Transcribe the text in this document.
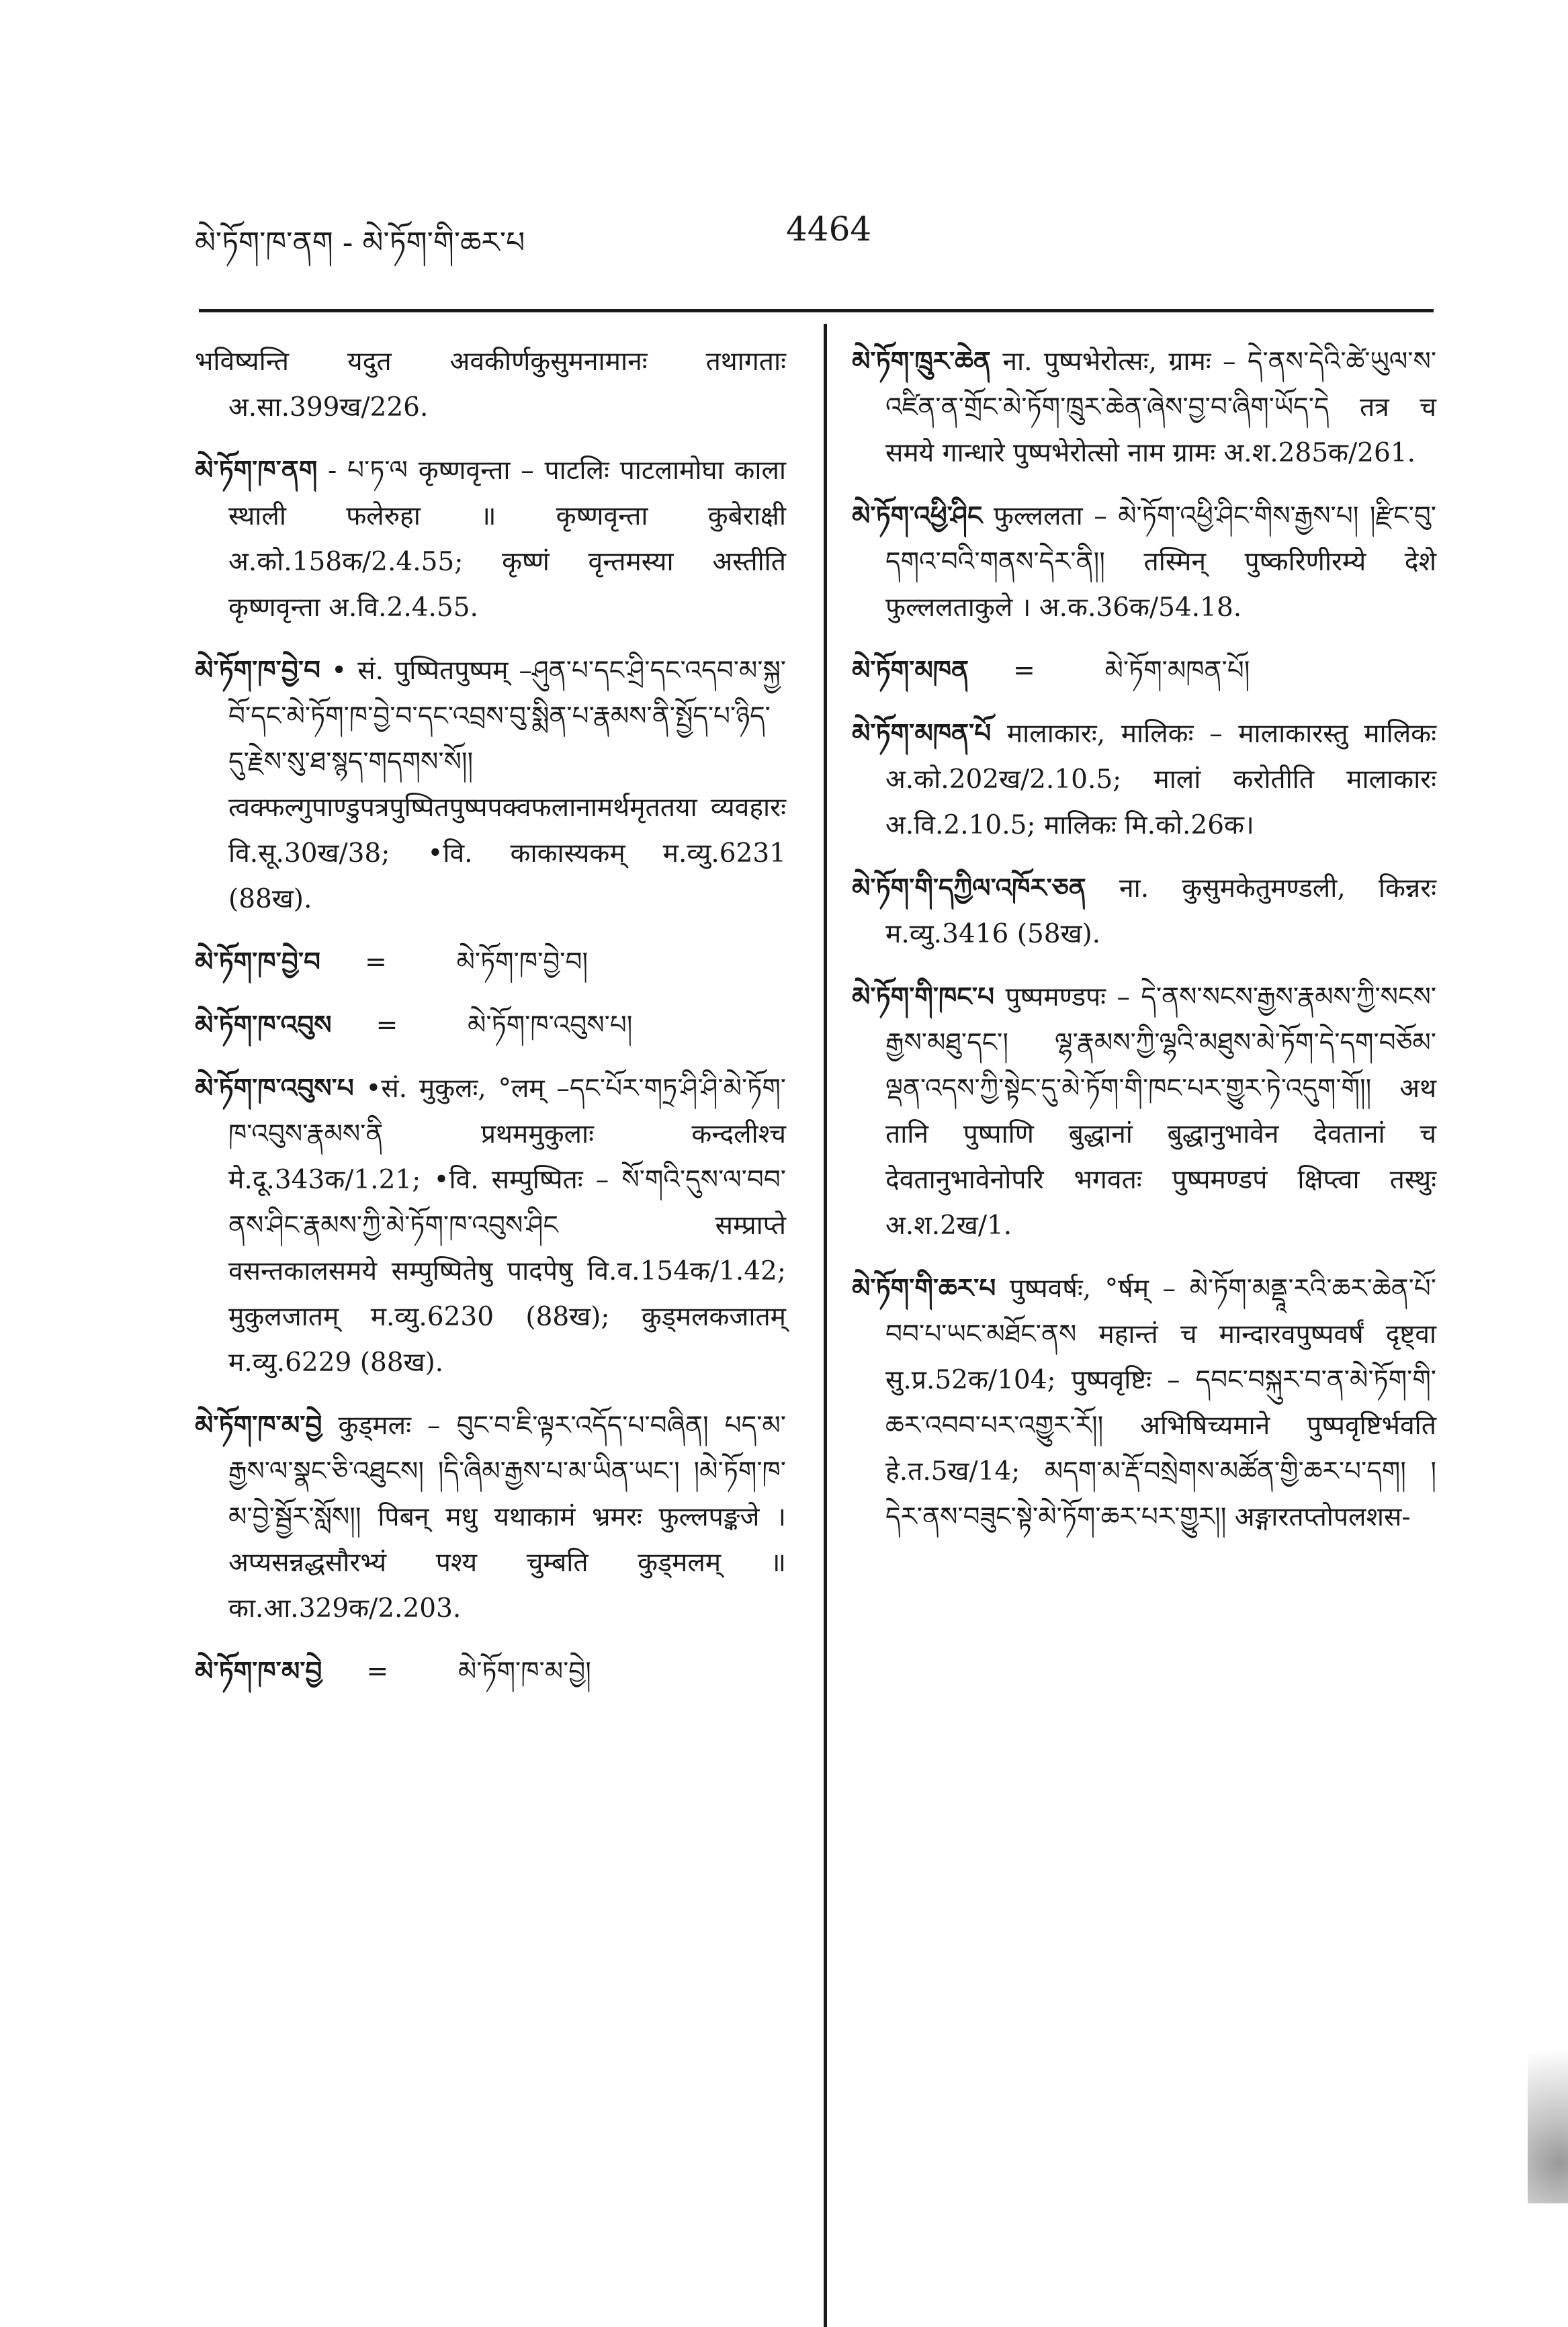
མེ་ཏོག་ཁ་ནག - མེ་ཏོག་གི་ཆར་པ	4464
भविष्यन्ति यदुत अवकीर्णकुसुमनामानः तथागताः अ.सा.399ख/226.
མེ་ཏོག་ཁ་ནག - པ་ཏ་ལ कृष्णवृन्ता – पाटलिः पाटलामोघा काला स्थाली फलेरुहा ॥ कृष्णवृन्ता कुबेराक्षी अ.को.158क/2.4.55; कृष्णं वृन्तमस्या अस्तीति कृष्णवृन्ता अ.वि.2.4.55.
མེ་ཏོག་ཁ་བྱེ་བ • सं. पुष्पितपुष्पम् –ཤུན་པ་དང་ཤྲི་དང་འདབ་མ་སྐྱ་བོ་དང་མེ་ཏོག་ཁ་བྱེ་བ་དང་འབྲས་བུ་སྨིན་པ་རྣམས་ནི་སྤྱོད་པ་ཉིད་དུ་རྗེས་སུ་ཐ་སྙད་གདགས་སོ།། त्वक्फल्गुपाण्डुपत्रपुष्पितपुष्पपक्वफलानामर्थमृततया व्यवहारः वि.सू.30ख/38; •वि. काकास्यकम् म.व्यु.6231 (88ख).
མེ་ཏོག་ཁ་བྱེ་བ =	མེ་ཏོག་ཁ་བྱེ་བ།
མེ་ཏོག་ཁ་འབུས =	མེ་ཏོག་ཁ་འབུས་པ།
མེ་ཏོག་ཁ་འབུས་པ •सं. मुकुलः, °लम् –དང་པོར་གཏྲ་ཤི་ཤི་མེ་ཏོག་ཁ་འབུས་རྣམས་ནི प्रथममुकुलाः कन्दलीश्च मे.दू.343क/1.21; •वि. सम्पुष्पितः – སོ་གའི་དུས་ལ་བབ་ནས་ཤིང་རྣམས་ཀྱི་མེ་ཏོག་ཁ་འབུས་ཤིང सम्प्राप्ते वसन्तकालसमये सम्पुष्पितेषु पादपेषु वि.व.154क/1.42; मुकुलजातम् म.व्यु.6230 (88ख); कुड्मलकजातम् म.व्यु.6229 (88ख).
མེ་ཏོག་ཁ་མ་བྱེ कुड्मलः – བུང་བ་ཇི་ལྟར་འདོད་པ་བཞིན། པད་མ་རྒྱས་ལ་སྣང་ཅི་འཐུངས། །དི་ཞིམ་རྒྱས་པ་མ་ཡིན་ཡང་། །མེ་ཏོག་ཁ་མ་བྱེ་སྦྱོར་སློས།། पिबन् मधु यथाकामं भ्रमरः फुल्लपङ्कजे । अप्यसन्नद्धसौरभ्यं पश्य चुम्बति कुड्मलम् ॥ का.आ.329क/2.203.
མེ་ཏོག་ཁ་མ་བྱེ =	མེ་ཏོག་ཁ་མ་བྱེ།
མེ་ཏོག་ཁྲུར་ཆེན ना. पुष्पभेरोत्सः, ग्रामः – དེ་ནས་དེའི་ཚེ་ཡུལ་ས་འཛིན་ན་གྲོང་མེ་ཏོག་ཁྲུར་ཆེན་ཞེས་བྱ་བ་ཞིག་ཡོད་དེ तत्र च समये गान्धारे पुष्पभेरोत्सो नाम ग्रामः अ.श.285क/261.
མེ་ཏོག་འཕྱི་ཤིང फुल्ललता – མེ་ཏོག་འཕྱི་ཤིང་གིས་རྒྱས་པ། །རྫིང་བུ་དགའ་བའི་གནས་དེར་ནི།། तस्मिन् पुष्करिणीरम्ये देशे फुल्ललताकुले । अ.क.36क/54.18.
མེ་ཏོག་མཁན =	མེ་ཏོག་མཁན་པོ།
མེ་ཏོག་མཁན་པོ मालाकारः, मालिकः – मालाकारस्तु मालिकः अ.को.202ख/2.10.5; मालां करोतीति मालाकारः अ.वि.2.10.5; मालिकः मि.को.26क।
མེ་ཏོག་གི་དཀྱིལ་འཁོར་ཅན ना. कुसुमकेतुमण्डली, किन्नरः म.व्यु.3416 (58ख).
མེ་ཏོག་གི་ཁང་པ पुष्पमण्डपः – དེ་ནས་སངས་རྒྱས་རྣམས་ཀྱི་སངས་རྒྱས་མཐུ་དང་། ལྷ་རྣམས་ཀྱི་ལྷའི་མཐུས་མེ་ཏོག་དེ་དག་བཅོམ་ལྡན་འདས་ཀྱི་སྟེང་དུ་མེ་ཏོག་གི་ཁང་པར་གྱུར་ཏེ་འདུག་གོ།། अथ तानि पुष्पाणि बुद्धानां बुद्धानुभावेन देवतानां च देवतानुभावेनोपरि भगवतः पुष्पमण्डपं क्षिप्त्वा तस्थुः अ.श.2ख/1.
མེ་ཏོག་གི་ཆར་པ पुष्पवर्षः, °र्षम् – མེ་ཏོག་མནྡཱ་རའི་ཆར་ཆེན་པོ་བབ་པ་ཡང་མཐོང་ནས महान्तं च मान्दारवपुष्पवर्षं दृष्ट्वा सु.प्र.52क/104; पुष्पवृष्टिः – དབང་བསྐུར་བ་ན་མེ་ཏོག་གི་ཆར་འབབ་པར་འགྱུར་རོ།། अभिषिच्यमाने पुष्पवृष्टिर्भवति हे.त.5ख/14; མདག་མ་རྡོ་བསྲེགས་མཚོན་གྱི་ཆར་པ་དག། །དེར་ནས་བཟུང་སྟེ་མེ་ཏོག་ཆར་པར་གྱུར།། अङ्गारतप्तोपलशस-
